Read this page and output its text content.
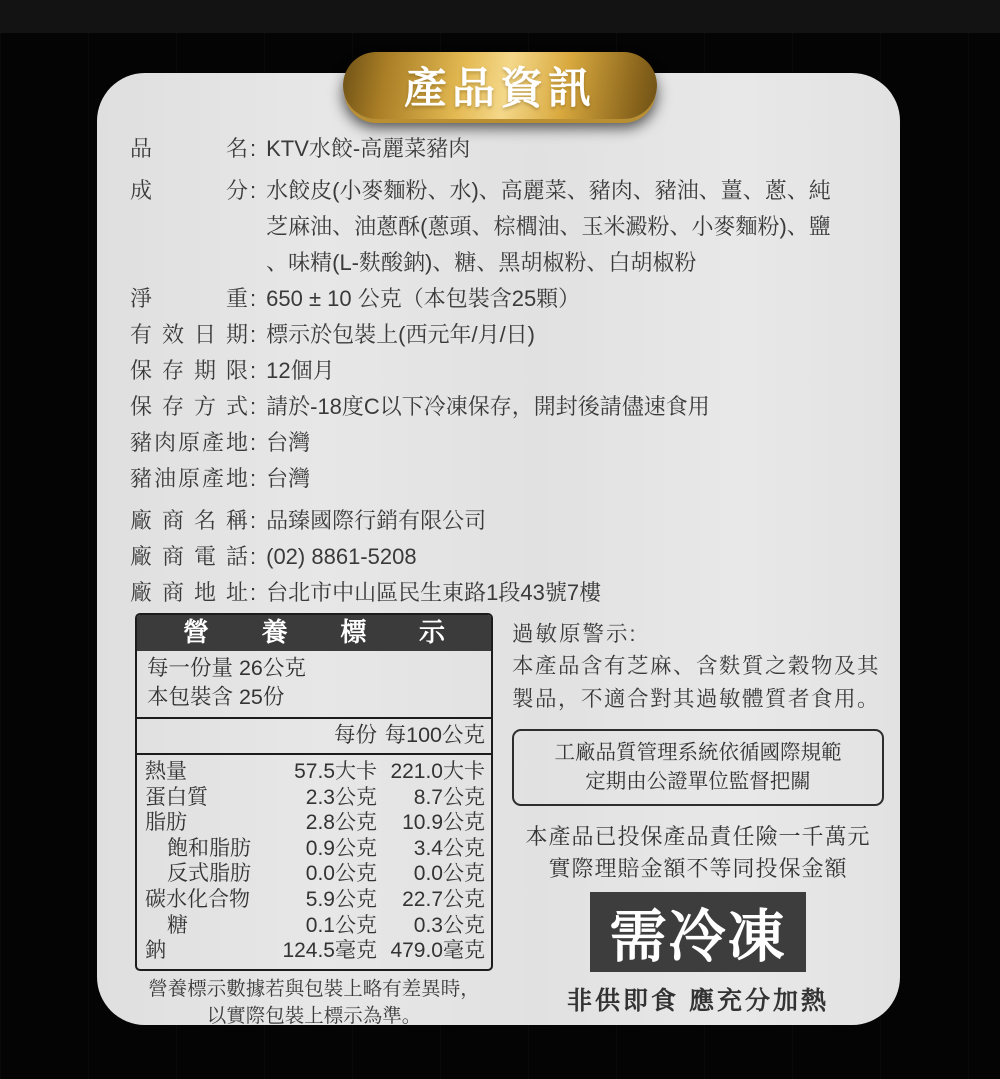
產品資訊
品名 : KTV水餃-高麗菜豬肉
成分 : 水餃皮(小麥麵粉、水)、高麗菜、豬肉、豬油、薑、蔥、純
芝麻油、油蔥酥(蔥頭、棕櫚油、玉米澱粉、小麥麵粉)、鹽
、味精(L-麩酸鈉)、糖、黑胡椒粉、白胡椒粉
淨重 : 650 ± 10 公克（本包裝含25顆）
有效日期 : 標示於包裝上(西元年/月/日)
保存期限 : 12個月
保存方式 : 請於-18度C以下冷凍保存，開封後請儘速食用
豬肉原產地 : 台灣
豬油原產地 : 台灣
廠商名稱 : 品臻國際行銷有限公司
廠商電話 : (02) 8861-5208
廠商地址 : 台北市中山區民生東路1段43號7樓
營養標示
每一份量 26公克
本包裝含 25份
每份 每100公克
熱量	57.5大卡 221.0大卡
蛋白質	2.3公克	8.7公克
脂肪	2.8公克	10.9公克
飽和脂肪	0.9公克	3.4公克
反式脂肪	0.0公克	0.0公克
碳水化合物	5.9公克	22.7公克
糖	0.1公克	0.3公克
鈉	124.5毫克 479.0毫克
營養標示數據若與包裝上略有差異時，
以實際包裝上標示為準。
過敏原警示:
本產品含有芝麻、含麩質之穀物及其
製品，不適合對其過敏體質者食用。
工廠品質管理系統依循國際規範
定期由公證單位監督把關
本產品已投保產品責任險一千萬元
實際理賠金額不等同投保金額
需冷凍
非供即食 應充分加熱
